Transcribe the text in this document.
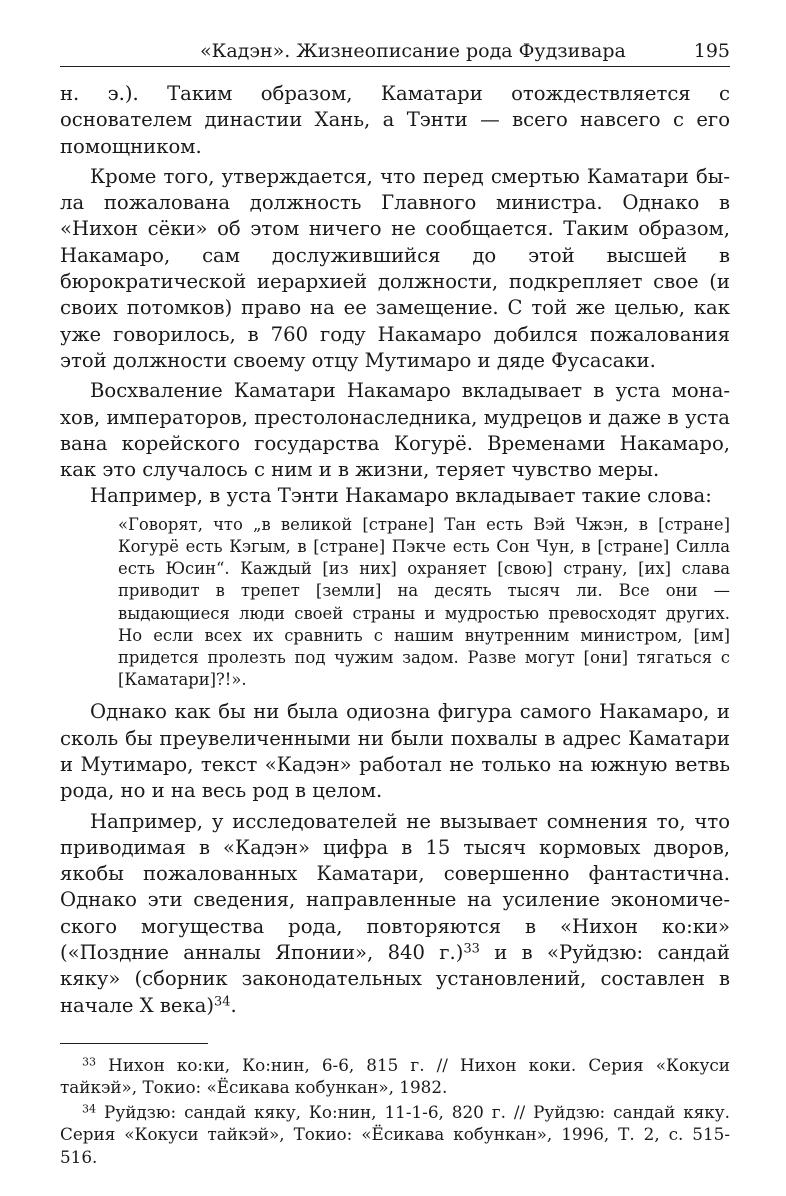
«Кадэн». Жизнеописание рода Фудзивара	195

н. э.). Таким образом, Каматари отождествляется с основателем династии Хань, а Тэнти — всего навсего с его помощником.

Кроме того, утверждается, что перед смертью Каматари была пожалована должность Главного министра. Однако в «Нихон сёки» об этом ничего не сообщается. Таким образом, Накамаро, сам дослужившийся до этой высшей в бюрократической иерархией должности, подкрепляет свое (и своих потомков) право на ее замещение. С той же целью, как уже говорилось, в 760 году Накамаро добился пожалования этой должности своему отцу Мутимаро и дяде Фусасаки.

Восхваление Каматари Накамаро вкладывает в уста монахов, императоров, престолонаследника, мудрецов и даже в уста вана корейского государства Когурё. Временами Накамаро, как это случалось с ним и в жизни, теряет чувство меры.

Например, в уста Тэнти Накамаро вкладывает такие слова:

«Говорят, что „в великой [стране] Тан есть Вэй Чжэн, в [стране] Когурё есть Кэгым, в [стране] Пэкче есть Сон Чун, в [стране] Силла есть Юсин“. Каждый [из них] охраняет [свою] страну, [их] слава приводит в трепет [земли] на десять тысяч ли. Все они — выдающиеся люди своей страны и мудростью превосходят других. Но если всех их сравнить с нашим внутренним министром, [им] придется пролезть под чужим задом. Разве могут [они] тягаться с [Каматари]?!».

Однако как бы ни была одиозна фигура самого Накамаро, и сколь бы преувеличенными ни были похвалы в адрес Каматари и Мутимаро, текст «Кадэн» работал не только на южную ветвь рода, но и на весь род в целом.

Например, у исследователей не вызывает сомнения то, что приводимая в «Кадэн» цифра в 15 тысяч кормовых дворов, якобы пожалованных Каматари, совершенно фантастична. Однако эти сведения, направленные на усиление экономического могущества рода, повторяются в «Нихон ко:ки» («Поздние анналы Японии», 840 г.)$^{33}$ и в «Руйдзю: сандай кяку» (сборник законодательных установлений, составлен в начале X века)$^{34}$.

$^{33}$ Нихон ко:ки, Ко:нин, 6-6, 815 г. // Нихон коки. Серия «Кокуси тайкэй», Токио: «Ёсикава кобункан», 1982.

$^{34}$ Руйдзю: сандай кяку, Ко:нин, 11-1-6, 820 г. // Руйдзю: сандай кяку. Серия «Кокуси тайкэй», Токио: «Ёсикава кобункан», 1996, Т. 2, с. 515-516.
